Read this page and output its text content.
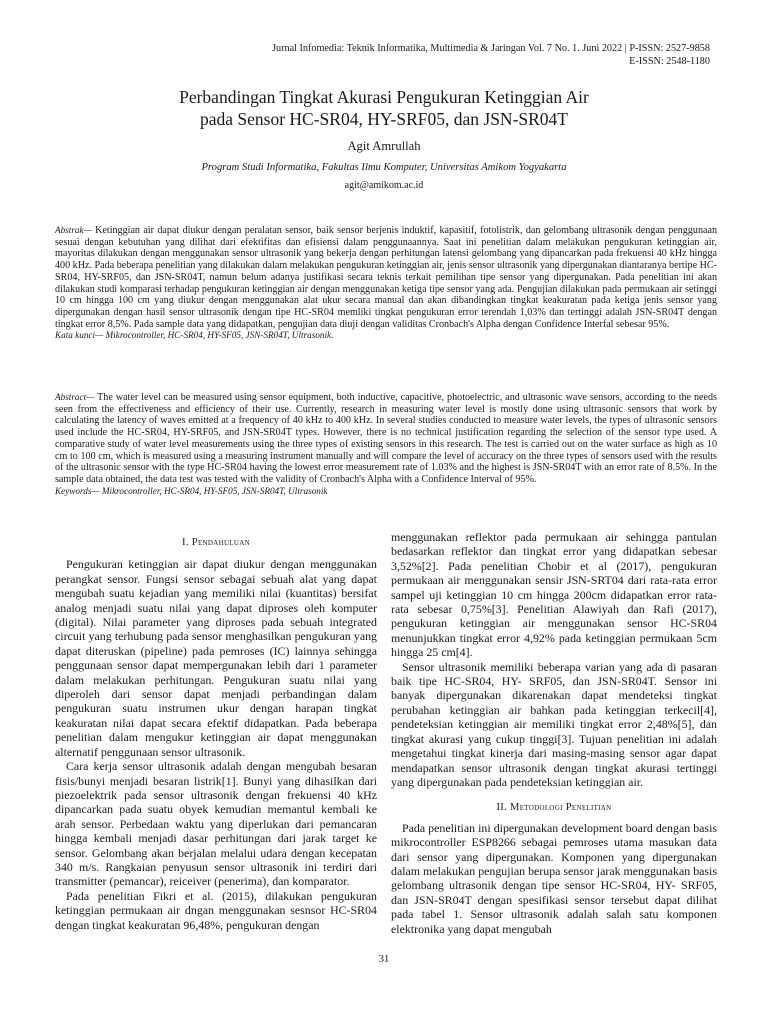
Jurnal Infomedia: Teknik Informatika, Multimedia & Jaringan Vol. 7 No. 1. Juni 2022 | P-ISSN: 2527-9858
E-ISSN: 2548-1180
Perbandingan Tingkat Akurasi Pengukuran Ketinggian Air
pada Sensor HC-SR04, HY-SRF05, dan JSN-SR04T
Agit Amrullah
Program Studi Informatika, Fakultas Ilmu Komputer, Universitas Amikom Yogyakarta
agit@amikom.ac.id
Abstrak— Ketinggian air dapat diukur dengan peralatan sensor, baik sensor berjenis induktif, kapasitif, fotolistrik, dan gelombang ultrasonik dengan penggunaan sesuai dengan kebutuhan yang dilihat dari efektifitas dan efisiensi dalam penggunaannya. Saat ini penelitian dalam melakukan pengukuran ketinggian air, mayoritas dilakukan dengan menggunakan sensor ultrasonik yang bekerja dengan perhitungan latensi gelombang yang dipancarkan pada frekuensi 40 kHz hingga 400 kHz. Pada beberapa penelitian yang dilakukan dalam melakukan pengukuran ketinggian air, jenis sensor ultrasonik yang dipergunakan diantaranya bertipe HC-SR04, HY-SRF05, dan JSN-SR04T, namun belum adanya justifikasi secara teknis terkait pemilihan tipe sensor yang dipergunakan. Pada penelitian ini akan dilakukan studi komparasi terhadap pengukuran ketinggian air dengan menggunakan ketiga tipe sensor yang ada. Pengujian dilakukan pada permukaan air setinggi 10 cm hingga 100 cm yang diukur dengan menggunakan alat ukur secara manual dan akan dibandingkan tingkat keakuratan pada ketiga jenis sensor yang dipergunakan dengan hasil sensor ultrasonik dengan tipe HC-SR04 memliki tingkat pengukuran error terendah 1,03% dan tertinggi adalah JSN-SR04T dengan tingkat error 8,5%. Pada sample data yang didapatkan, pengujian data diuji dengan validitas Cronbach's Alpha dengan Confidence Interfal sebesar 95%.
Kata kunci— Mikrocontroller, HC-SR04, HY-SF05, JSN-SR04T, Ultrasonik.
Abstract— The water level can be measured using sensor equipment, both inductive, capacitive, photoelectric, and ultrasonic wave sensors, according to the needs seen from the effectiveness and efficiency of their use. Currently, research in measuring water level is mostly done using ultrasonic sensors that work by calculating the latency of waves emitted at a frequency of 40 kHz to 400 kHz. In several studies conducted to measure water levels, the types of ultrasonic sensors used include the HC-SR04, HY-SRF05, and JSN-SR04T types. However, there is no technical justification regarding the selection of the sensor type used. A comparative study of water level measurements using the three types of existing sensors in this research. The test is carried out on the water surface as high as 10 cm to 100 cm, which is measured using a measuring instrument manually and will compare the level of accuracy on the three types of sensors used with the results of the ultrasonic sensor with the type HC-SR04 having the lowest error measurement rate of 1.03% and the highest is JSN-SR04T with an error rate of 8.5%. In the sample data obtained, the data test was tested with the validity of Cronbach's Alpha with a Confidence Interval of 95%.
Keywords— Mikrocontroller, HC-SR04, HY-SF05, JSN-SR04T, Ultrasonik
I. Pendahuluan

Pengukuran ketinggian air dapat diukur dengan menggunakan perangkat sensor. Fungsi sensor sebagai sebuah alat yang dapat mengubah suatu kejadian yang memiliki nilai (kuantitas) bersifat analog menjadi suatu nilai yang dapat diproses oleh komputer (digital). Nilai parameter yang diproses pada sebuah integrated circuit yang terhubung pada sensor menghasilkan pengukuran yang dapat diteruskan (pipeline) pada pemroses (IC) lainnya sehingga penggunaan sensor dapat mempergunakan lebih dari 1 parameter dalam melakukan perhitungan. Pengukuran suatu nilai yang diperoleh dari sensor dapat menjadi perbandingan dalam pengukuran suatu instrumen ukur dengan harapan tingkat keakuratan nilai dapat secara efektif didapatkan. Pada beberapa penelitian dalam mengukur ketinggian air dapat menggunakan alternatif penggunaan sensor ultrasonik.

Cara kerja sensor ultrasonik adalah dengan mengubah besaran fisis/bunyi menjadi besaran listrik[1]. Bunyi yang dihasilkan dari piezoelektrik pada sensor ultrasonik dengan frekuensi 40 kHz dipancarkan pada suatu obyek kemudian memantul kembali ke arah sensor. Perbedaan waktu yang diperlukan dari pemancaran hingga kembali menjadi dasar perhitungan dari jarak target ke sensor. Gelombang akan berjalan melalui udara dengan kecepatan 340 m/s. Rangkaian penyusun sensor ultrasonik ini terdiri dari transmitter (pemancar), reiceiver (penerima), dan komparator.

Pada penelitian Fikri et al. (2015), dilakukan pengukuran ketinggian permukaan air dngan menggunakan sesnsor HC-SR04 dengan tingkat keakuratan 96,48%, pengukuran dengan

menggunakan reflektor pada permukaan air sehingga pantulan bedasarkan reflektor dan tingkat error yang didapatkan sebesar 3,52%[2]. Pada penelitian Chobir et al (2017), pengukuran permukaan air menggunakan sensir JSN-SRT04 dari rata-rata error sampel uji ketinggian 10 cm hingga 200cm didapatkan error rata-rata sebesar 0,75%[3]. Penelitian Alawiyah dan Rafi (2017), pengukuran ketinggian air menggunakan sensor HC-SR04 menunjukkan tingkat error 4,92% pada ketinggian permukaan 5cm hingga 25 cm[4].

Sensor ultrasonik memiliki beberapa varian yang ada di pasaran baik tipe HC-SR04, HY- SRF05, dan JSN-SR04T. Sensor ini banyak dipergunakan dikarenakan dapat mendeteksi tingkat perubahan ketinggian air bahkan pada ketinggian terkecil[4], pendeteksian ketinggian air memiliki tingkat error 2,48%[5], dan tingkat akurasi yang cukup tinggi[3]. Tujuan penelitian ini adalah mengetahui tingkat kinerja dari masing-masing sensor agar dapat mendapatkan sensor ultrasonik dengan tingkat akurasi tertinggi yang dipergunakan pada pendeteksian ketinggian air.

II. Metodologi Penelitian

Pada penelitian ini dipergunakan development board dengan basis mikrocontroller ESP8266 sebagai pemroses utama masukan data dari sensor yang dipergunakan. Komponen yang dipergunakan dalam melakukan pengujian berupa sensor jarak menggunakan basis gelombang ultrasonik dengan tipe sensor HC-SR04, HY- SRF05, dan JSN-SR04T dengan spesifikasi sensor tersebut dapat dilihat pada tabel 1. Sensor ultrasonik adalah salah satu komponen elektronika yang dapat mengubah

31
